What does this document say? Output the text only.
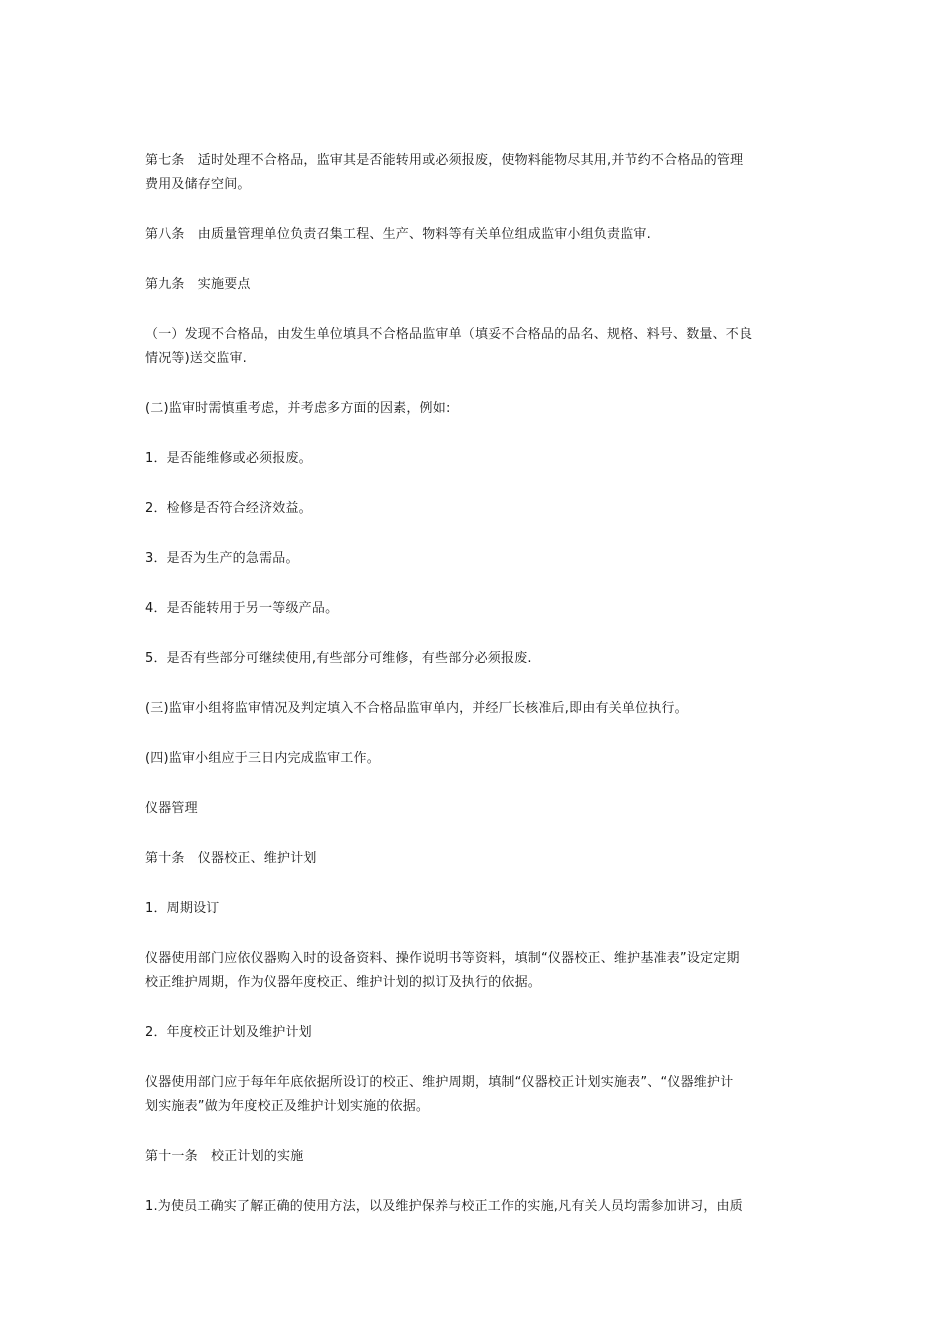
第七条　适时处理不合格品，监审其是否能转用或必须报废，使物料能物尽其用,并节约不合格品的管理
费用及储存空间。

第八条　由质量管理单位负责召集工程、生产、物料等有关单位组成监审小组负责监审.

第九条　实施要点

（一）发现不合格品，由发生单位填具不合格品监审单（填妥不合格品的品名、规格、料号、数量、不良
情况等)送交监审.

(二)监审时需慎重考虑，并考虑多方面的因素，例如:

1．是否能维修或必须报废。

2．检修是否符合经济效益。

3．是否为生产的急需品。

4．是否能转用于另一等级产品。

5．是否有些部分可继续使用,有些部分可维修，有些部分必须报废.

(三)监审小组将监审情况及判定填入不合格品监审单内，并经厂长核准后,即由有关单位执行。

(四)监审小组应于三日内完成监审工作。

仪器管理

第十条　仪器校正、维护计划

1．周期设订

仪器使用部门应依仪器购入时的设备资料、操作说明书等资料，填制“仪器校正、维护基准表”设定定期
校正维护周期，作为仪器年度校正、维护计划的拟订及执行的依据。

2．年度校正计划及维护计划

仪器使用部门应于每年年底依据所设订的校正、维护周期，填制“仪器校正计划实施表”、“仪器维护计
划实施表”做为年度校正及维护计划实施的依据。

第十一条　校正计划的实施

1.为使员工确实了解正确的使用方法，以及维护保养与校正工作的实施,凡有关人员均需参加讲习，由质
